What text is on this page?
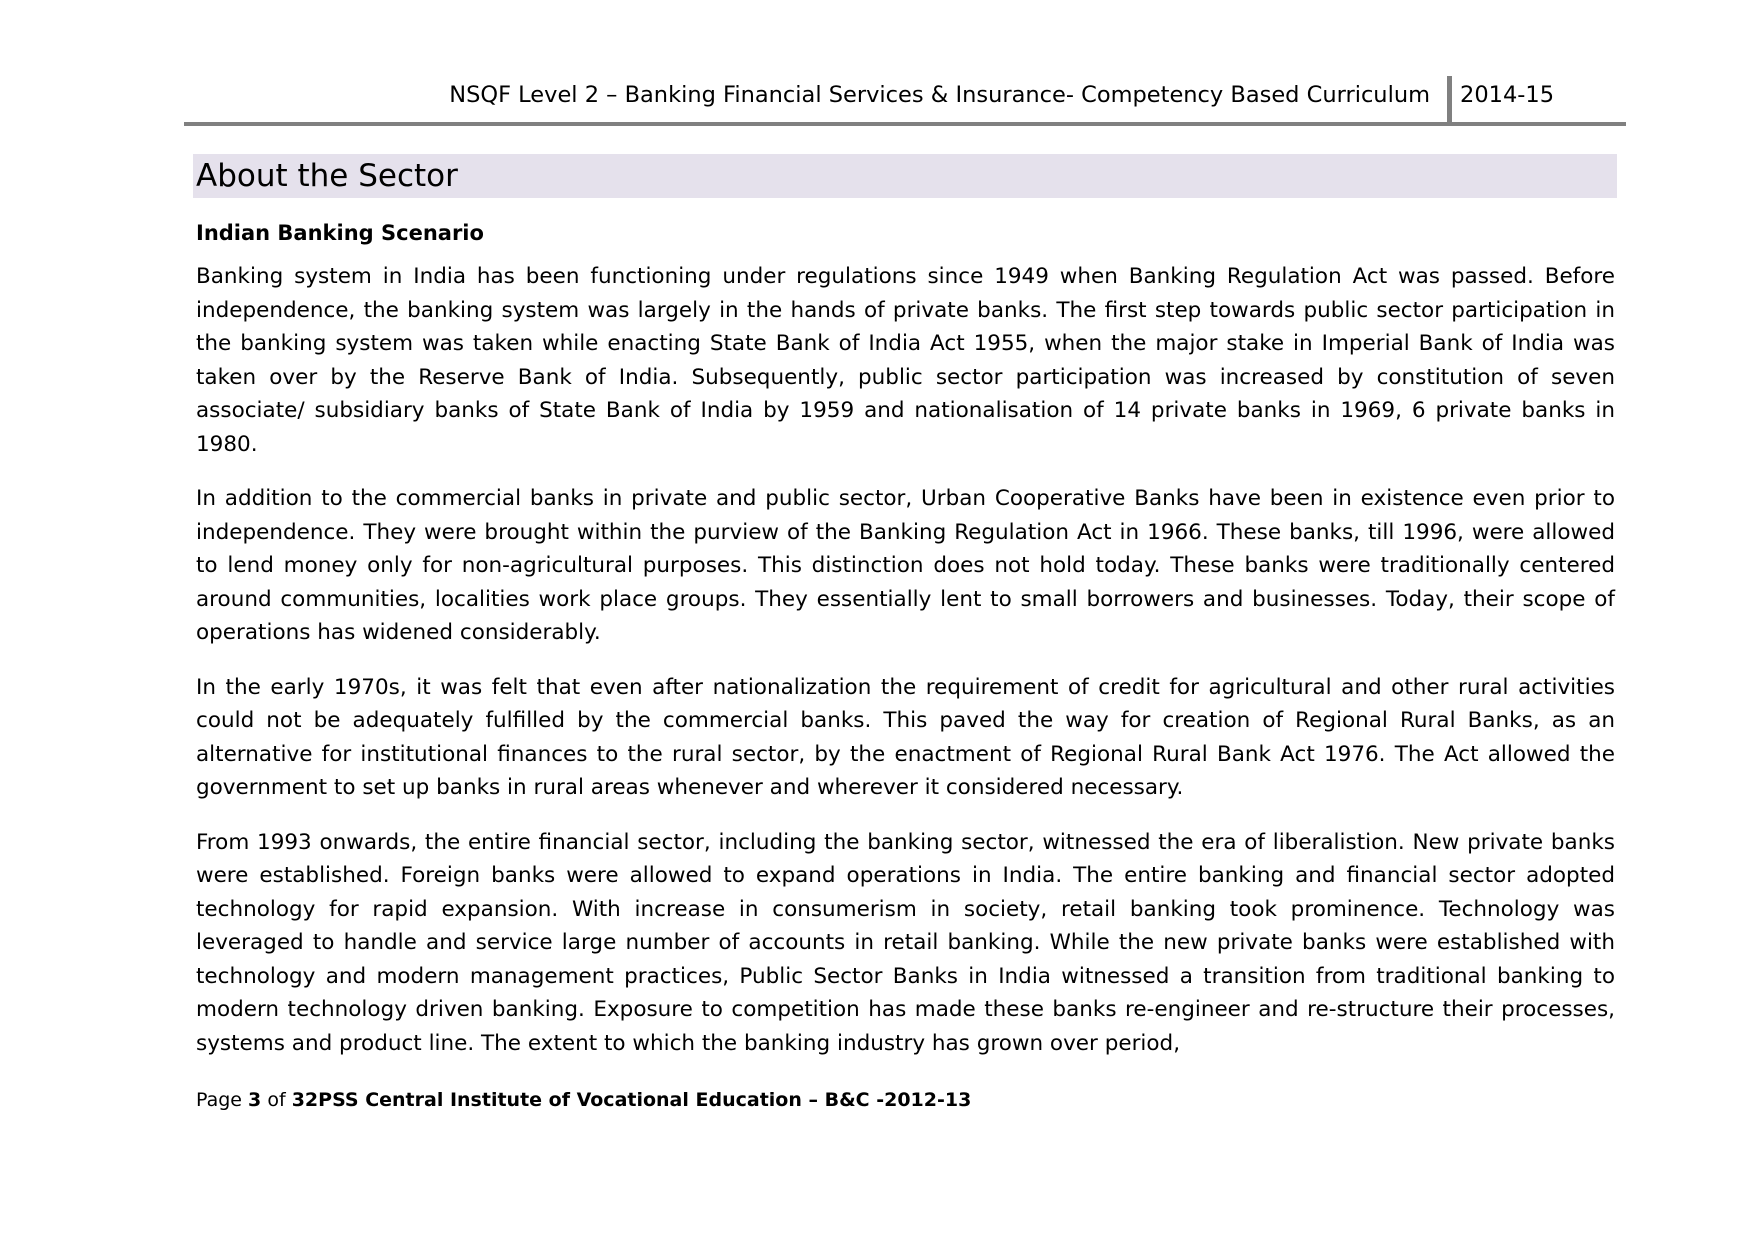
NSQF Level 2 – Banking Financial Services & Insurance- Competency Based Curriculum	2014-15
About the Sector
Indian Banking Scenario

Banking system in India has been functioning under regulations since 1949 when Banking Regulation Act was passed. Before independence, the banking system was largely in the hands of private banks. The first step towards public sector participation in the banking system was taken while enacting State Bank of India Act 1955, when the major stake in Imperial Bank of India was taken over by the Reserve Bank of India. Subsequently, public sector participation was increased by constitution of seven associate/ subsidiary banks of State Bank of India by 1959 and nationalisation of 14 private banks in 1969, 6 private banks in 1980.

In addition to the commercial banks in private and public sector, Urban Cooperative Banks have been in existence even prior to independence. They were brought within the purview of the Banking Regulation Act in 1966. These banks, till 1996, were allowed to lend money only for non-agricultural purposes. This distinction does not hold today. These banks were traditionally centered around communities, localities work place groups. They essentially lent to small borrowers and businesses. Today, their scope of operations has widened considerably.

In the early 1970s, it was felt that even after nationalization the requirement of credit for agricultural and other rural activities could not be adequately fulfilled by the commercial banks. This paved the way for creation of Regional Rural Banks, as an alternative for institutional finances to the rural sector, by the enactment of Regional Rural Bank Act 1976. The Act allowed the government to set up banks in rural areas whenever and wherever it considered necessary.

From 1993 onwards, the entire financial sector, including the banking sector, witnessed the era of liberalistion. New private banks were established. Foreign banks were allowed to expand operations in India. The entire banking and financial sector adopted technology for rapid expansion. With increase in consumerism in society, retail banking took prominence. Technology was leveraged to handle and service large number of accounts in retail banking. While the new private banks were established with technology and modern management practices, Public Sector Banks in India witnessed a transition from traditional banking to modern technology driven banking. Exposure to competition has made these banks re-engineer and re-structure their processes, systems and product line. The extent to which the banking industry has grown over period,

Page 3 of 32PSS Central Institute of Vocational Education – B&C -2012-13
